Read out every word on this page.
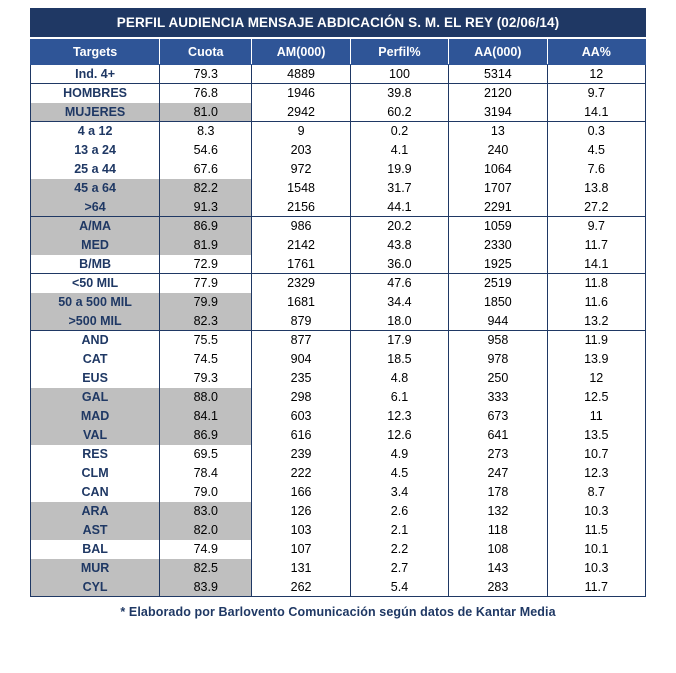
PERFIL AUDIENCIA MENSAJE ABDICACIÓN S. M. EL REY (02/06/14)
Targets	Cuota	AM(000)	Perfil%	AA(000)	AA%
Ind. 4+	79.3	4889	100	5314	12
HOMBRES	76.8	1946	39.8	2120	9.7
MUJERES	81.0	2942	60.2	3194	14.1
4 a 12	8.3	9	0.2	13	0.3
13 a 24	54.6	203	4.1	240	4.5
25 a 44	67.6	972	19.9	1064	7.6
45 a 64	82.2	1548	31.7	1707	13.8
>64	91.3	2156	44.1	2291	27.2
A/MA	86.9	986	20.2	1059	9.7
MED	81.9	2142	43.8	2330	11.7
B/MB	72.9	1761	36.0	1925	14.1
<50 MIL	77.9	2329	47.6	2519	11.8
50 a 500 MIL	79.9	1681	34.4	1850	11.6
>500 MIL	82.3	879	18.0	944	13.2
AND	75.5	877	17.9	958	11.9
CAT	74.5	904	18.5	978	13.9
EUS	79.3	235	4.8	250	12
GAL	88.0	298	6.1	333	12.5
MAD	84.1	603	12.3	673	11
VAL	86.9	616	12.6	641	13.5
RES	69.5	239	4.9	273	10.7
CLM	78.4	222	4.5	247	12.3
CAN	79.0	166	3.4	178	8.7
ARA	83.0	126	2.6	132	10.3
AST	82.0	103	2.1	118	11.5
BAL	74.9	107	2.2	108	10.1
MUR	82.5	131	2.7	143	10.3
CYL	83.9	262	5.4	283	11.7
* Elaborado por Barlovento Comunicación según datos de Kantar Media
